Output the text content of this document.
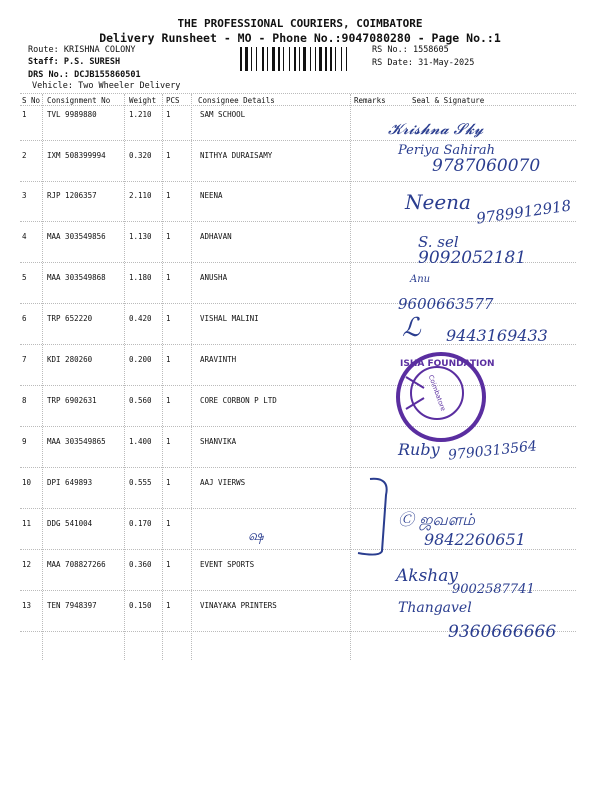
THE PROFESSIONAL COURIERS, COIMBATORE
Delivery Runsheet - MO - Phone No.:9047080280 - Page No.:1
Route: KRISHNA COLONY
Staff: P.S. SURESH
DRS No.: DCJB155860501
Vehicle: Two Wheeler Delivery
RS No.: 1558605
RS Date: 31-May-2025
S No Consignment No	Weight PCS Consignee Details	Remarks	Seal & Signature
1	TVL 9989880	1.210 1	SAM SCHOOL
2	IXM 508399994	0.320 1	NITHYA DURAISAMY
3	RJP 1206357	2.110 1	NEENA
4	MAA 303549856	1.130 1	ADHAVAN
5	MAA 303549868	1.180 1	ANUSHA
6	TRP 652220	0.420 1	VISHAL MALINI
7	KDI 280260	0.200 1	ARAVINTH
8	TRP 6902631	0.560 1	CORE CORBON P LTD
9	MAA 303549865	1.400 1	SHANVIKA
10 DPI 649893	0.555 1	AAJ VIERWS
11 DDG 541004	0.170 1
12 MAA 708827266	0.360 1	EVENT SPORTS
13 TEN 7948397	0.150 1	VINAYAKA PRINTERS
𝓚𝓻𝓲𝓼𝓱𝓷𝓪 𝓢𝓴𝔂
Periya Sahirah
9787060070
Neena 9789912918
S. sel
9092052181
Anu
9600663577
ℒ 9443169433
ISHA FOUNDATION
Coimbatore
Ruby 9790313564
Ⓒ ஜவளம்
9842260651
ஷ
Akshay
9002587741
Thangavel
9360666666
